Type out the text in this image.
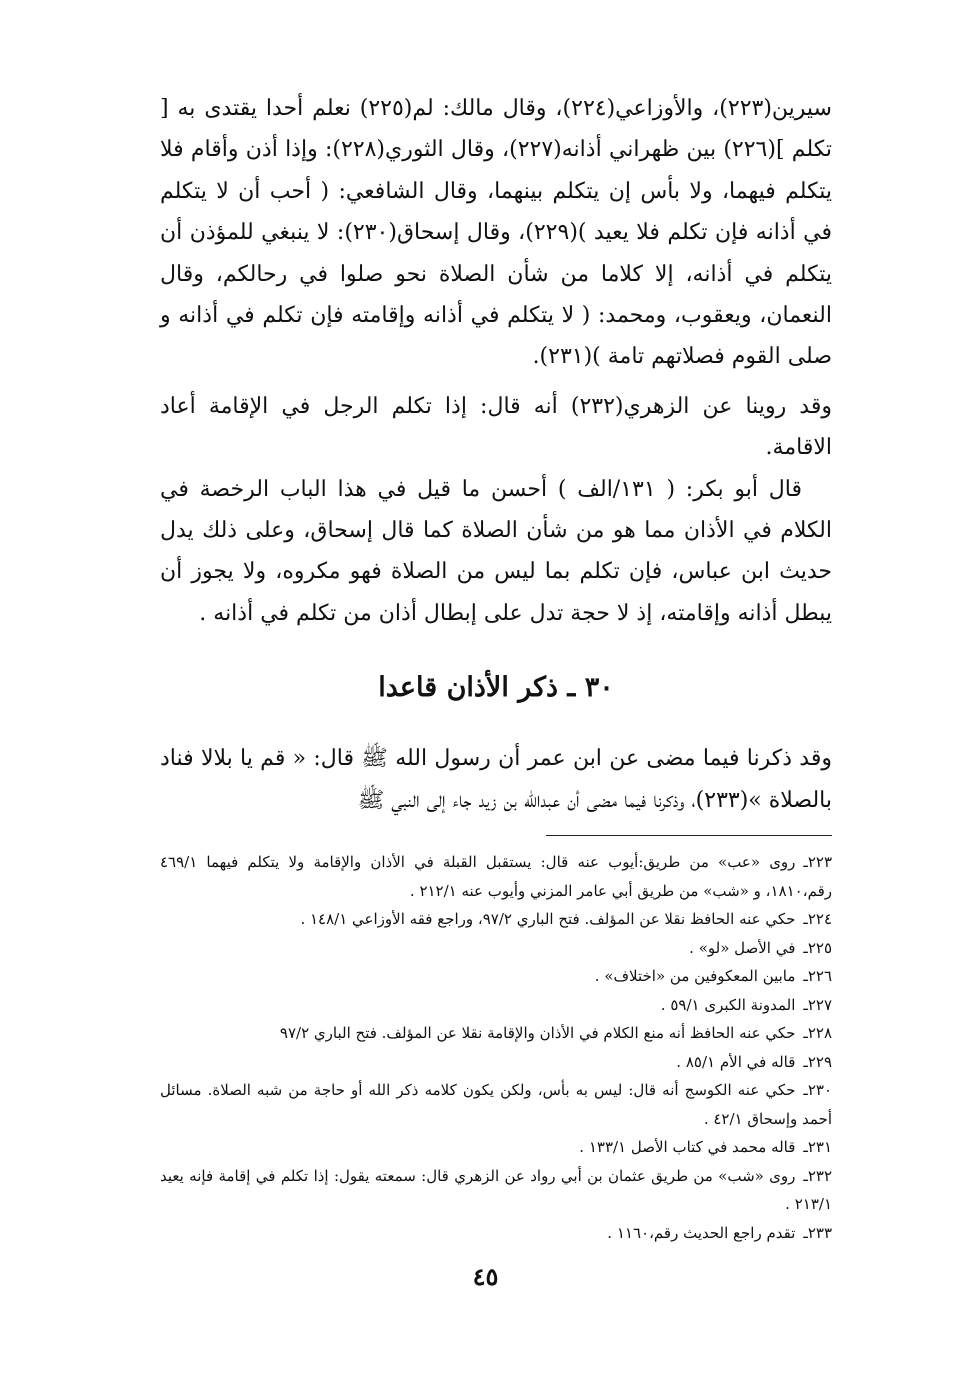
سيرين(٢٢٣)، والأوزاعي(٢٢٤)، وقال مالك: لم(٢٢٥) نعلم أحدا يقتدى به [ تكلم ](٢٢٦) بين ظهراني أذانه(٢٢٧)، وقال الثوري(٢٢٨): وإذا أذن وأقام فلا يتكلم فيهما، ولا بأس إن يتكلم بينهما، وقال الشافعي: ( أحب أن لا يتكلم في أذانه فإن تكلم فلا يعيد )(٢٢٩)، وقال إسحاق(٢٣٠): لا ينبغي للمؤذن أن يتكلم في أذانه، إلا كلاما من شأن الصلاة نحو صلوا في رحالكم، وقال النعمان، ويعقوب، ومحمد: ( لا يتكلم في أذانه وإقامته فإن تكلم في أذانه و صلى القوم فصلاتهم تامة )(٢٣١).

وقد روينا عن الزهري(٢٣٢) أنه قال: إذا تكلم الرجل في الإقامة أعاد الاقامة.

قال أبو بكر: ( ١٣١/الف ) أحسن ما قيل في هذا الباب الرخصة في الكلام في الأذان مما هو من شأن الصلاة كما قال إسحاق، وعلى ذلك يدل حديث ابن عباس، فإن تكلم بما ليس من الصلاة فهو مكروه، ولا يجوز أن يبطل أذانه وإقامته، إذ لا حجة تدل على إبطال أذان من تكلم في أذانه .

٣٠ ـ ذكر الأذان قاعدا

وقد ذكرنا فيما مضى عن ابن عمر أن رسول الله ﷺ قال: « قم يا بلالا فناد بالصلاة »(٢٣٣)، وذكرنا فيما مضى أن عبدالله بن زيد جاء إلى النبي ﷺ

٢٢٣ـروى «عب» من طريق:أيوب عنه قال: يستقبل القبلة في الأذان والإقامة ولا يتكلم فيهما ٤٦٩/١ رقم،١٨١٠، و «شب» من طريق أبي عامر المزني وأيوب عنه ٢١٢/١ .
٢٢٤ـحكي عنه الحافظ نقلا عن المؤلف. فتح الباري ٩٧/٢، وراجع فقه الأوزاعي ١٤٨/١ .
٢٢٥ـفي الأصل «لو» .
٢٢٦ـمابين المعكوفين من «اختلاف» .
٢٢٧ـالمدونة الكبرى ٥٩/١ .
٢٢٨ـحكي عنه الحافظ أنه منع الكلام في الأذان والإقامة نقلا عن المؤلف. فتح الباري ٩٧/٢
٢٢٩ـقاله في الأم ٨٥/١ .
٢٣٠ـحكي عنه الكوسج أنه قال: ليس به بأس، ولكن يكون كلامه ذكر الله أو حاجة من شبه الصلاة. مسائل أحمد وإسحاق ٤٢/١ .
٢٣١ـقاله محمد في كتاب الأصل ١٣٣/١ .
٢٣٢ـروى «شب» من طريق عثمان بن أبي رواد عن الزهري قال: سمعته يقول: إذا تكلم في إقامة فإنه يعيد ٢١٣/١ .
٢٣٣ـتقدم راجع الحديث رقم،١١٦٠ .
٤٥
